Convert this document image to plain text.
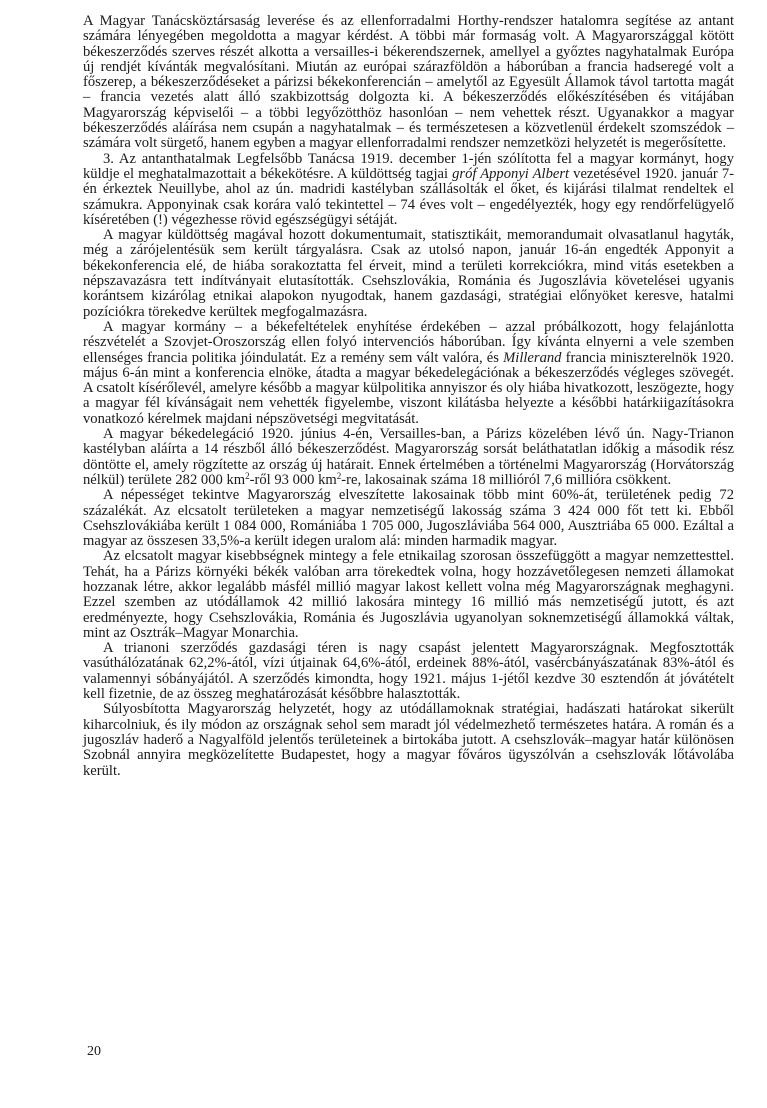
A Magyar Tanácsköztársaság leverése és az ellenforradalmi Horthy-rendszer hatalomra segítése az antant számára lényegében megoldotta a magyar kérdést. A többi már formaság volt. A Magyarországgal kötött békeszerződés szerves részét alkotta a versailles-i békerendszernek, amellyel a győztes nagyhatalmak Európa új rendjét kívánták megvalósítani. Miután az európai szárazföldön a háborúban a francia hadseregé volt a főszerep, a békeszerződéseket a párizsi békekonferencián – amelytől az Egyesült Államok távol tartotta magát – francia vezetés alatt álló szakbizottság dolgozta ki. A békeszerződés előkészítésében és vitájában Magyarország képviselői – a többi legyőzötthöz hasonlóan – nem vehettek részt. Ugyanakkor a magyar békeszerződés aláírása nem csupán a nagyhatalmak – és természetesen a közvetlenül érdekelt szomszédok – számára volt sürgető, hanem egyben a magyar ellenforradalmi rendszer nemzetközi helyzetét is megerősítette.

3. Az antanthatalmak Legfelsőbb Tanácsa 1919. december 1-jén szólította fel a magyar kormányt, hogy küldje el meghatalmazottait a békekötésre. A küldöttség tagjai gróf Apponyi Albert vezetésével 1920. január 7-én érkeztek Neuillybe, ahol az ún. madridi kastélyban szállásolták el őket, és kijárási tilalmat rendeltek el számukra. Apponyinak csak korára való tekintettel – 74 éves volt – engedélyezték, hogy egy rendőrfelügyelő kíséretében (!) végezhesse rövid egészségügyi sétáját.

A magyar küldöttség magával hozott dokumentumait, statisztikáit, memorandumait olvasatlanul hagyták, még a zárójelentésük sem került tárgyalásra. Csak az utolsó napon, január 16-án engedték Apponyit a békekonferencia elé, de hiába sorakoztatta fel érveit, mind a területi korrekciókra, mind vitás esetekben a népszavazásra tett indítványait elutasították. Csehszlovákia, Románia és Jugoszlávia követelései ugyanis korántsem kizárólag etnikai alapokon nyugodtak, hanem gazdasági, stratégiai előnyöket keresve, hatalmi pozíciókra törekedve kerültek megfogalmazásra.

A magyar kormány – a békefeltételek enyhítése érdekében – azzal próbálkozott, hogy felajánlotta részvételét a Szovjet-Oroszország ellen folyó intervenciós háborúban. Így kívánta elnyerni a vele szemben ellenséges francia politika jóindulatát. Ez a remény sem vált valóra, és Millerand francia miniszterelnök 1920. május 6-án mint a konferencia elnöke, átadta a magyar békedelegációnak a békeszerződés végleges szövegét. A csatolt kísérőlevél, amelyre később a magyar külpolitika annyiszor és oly hiába hivatkozott, leszögezte, hogy a magyar fél kívánságait nem vehették figyelembe, viszont kilátásba helyezte a későbbi határkiigazításokra vonatkozó kérelmek majdani népszövetségi megvitatását.

A magyar békedelegáció 1920. június 4-én, Versailles-ban, a Párizs közelében lévő ún. Nagy-Trianon kastélyban aláírta a 14 részből álló békeszerződést. Magyarország sorsát beláthatatlan időkig a második rész döntötte el, amely rögzítette az ország új határait. Ennek értelmében a történelmi Magyarország (Horvátország nélkül) területe 282 000 $km^2$-ről 93 000 $km^2-re$, lakosainak száma 18 millióról 7,6 millióra csökkent.

A népességet tekintve Magyarország elveszítette lakosainak több mint 60%-át, területének pedig 72 százalékát. Az elcsatolt területeken a magyar nemzetiségű lakosság száma 3 424 000 főt tett ki. Ebből Csehszlovákiába került 1 084 000, Romániába 1 705 000, Jugoszláviába 564 000, Ausztriába 65 000. Ezáltal a magyar az összesen 33,5%-a került idegen uralom alá: minden harmadik magyar.

Az elcsatolt magyar kisebbségnek mintegy a fele etnikailag szorosan összefüggött a magyar nemzettesttel. Tehát, ha a Párizs környéki békék valóban arra törekedtek volna, hogy hozzávetőlegesen nemzeti államokat hozzanak létre, akkor legalább másfél millió magyar lakost kellett volna még Magyarországnak meghagyni. Ezzel szemben az utódállamok 42 millió lakosára mintegy 16 millió más nemzetiségű jutott, és azt eredményezte, hogy Csehszlovákia, Románia és Jugoszlávia ugyanolyan soknemzetiségű államokká váltak, mint az Osztrák–Magyar Monarchia.

A trianoni szerződés gazdasági téren is nagy csapást jelentett Magyarországnak. Megfosztották vasúthálózatának 62,2%-ától, vízi útjainak 64,6%-ától, erdeinek 88%-ától, vasércbányászatának 83%-ától és valamennyi sóbányájától. A szerződés kimondta, hogy 1921. május 1-jétől kezdve 30 esztendőn át jóvátételt kell fizetnie, de az összeg meghatározását későbbre halasztották.

Súlyosbította Magyarország helyzetét, hogy az utódállamoknak stratégiai, hadászati határokat sikerült kiharcolniuk, és ily módon az országnak sehol sem maradt jól védelmezhető természetes határa. A román és a jugoszláv haderő a Nagyalföld jelentős területeinek a birtokába jutott. A csehszlovák–magyar határ különösen Szobnál annyira megközelítette Budapestet, hogy a magyar főváros ügyszólván a csehszlovák lőtávolába került.

20
